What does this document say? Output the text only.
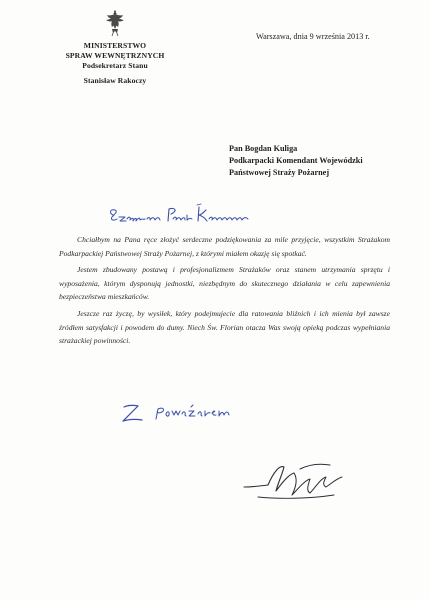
MINISTERSTWO
SPRAW WEWNĘTRZNYCH
Podsekretarz Stanu
Stanisław Rakoczy
Warszawa, dnia 9 września 2013 r.
Pan Bogdan Kuliga
Podkarpacki Komendant Wojewódzki
Państwowej Straży Pożarnej

Chciałbym na Pana ręce złożyć serdeczne podziękowania za mile przyjęcie, wszystkim Strażakom Podkarpackiej Państwowej Straży Pożarnej, z którymi miałem okazję się spotkać.

Jestem zbudowany postawą i profesjonalizmem Strażaków oraz stanem utrzymania sprzętu i wyposażenia, którym dysponują jednostki, niezbędnym do skutecznego działania w celu zapewnienia bezpieczeństwa mieszkańców.

Jeszcze raz życzę, by wysiłek, który podejmujecie dla ratowania bliźnich i ich mienia był zawsze źródłem satysfakcji i powodem do dumy. Niech Św. Florian otacza Was swoją opieką podczas wypełniania strażackiej powinności.
